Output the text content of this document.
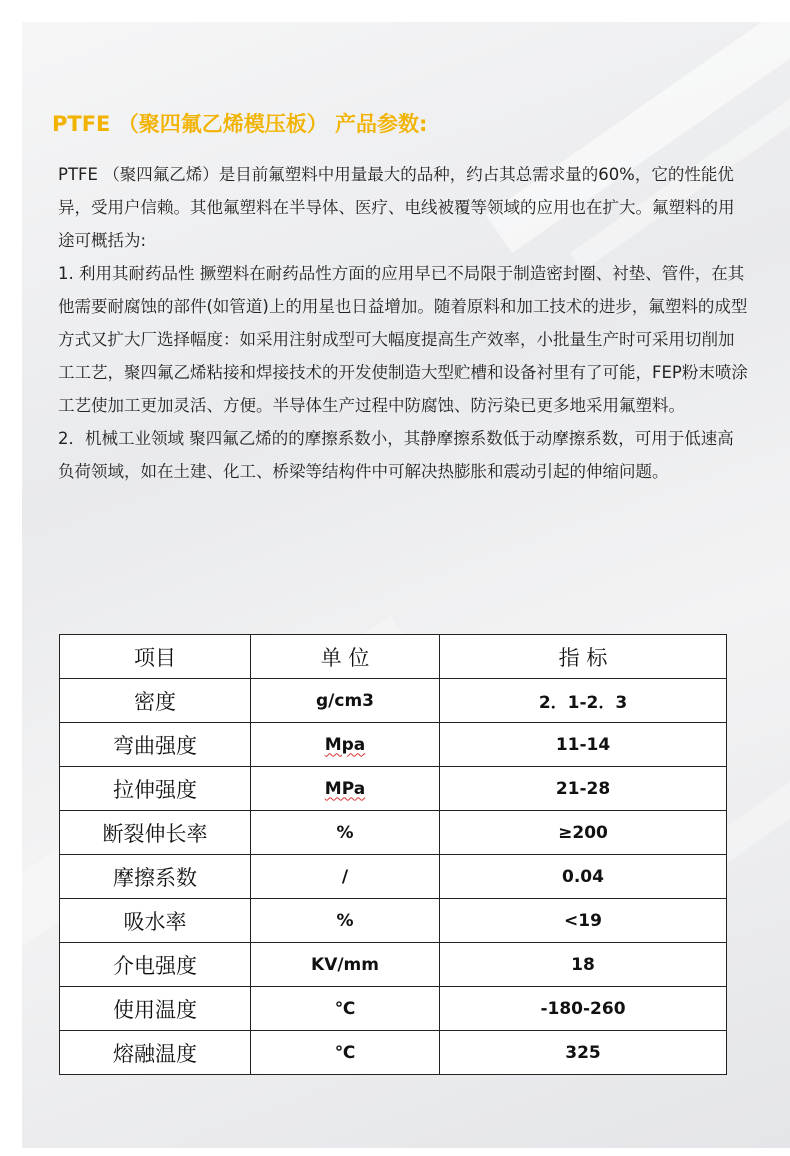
PTFE （聚四氟乙烯模压板） 产品参数:

PTFE （聚四氟乙烯）是目前氟塑料中用量最大的品种，约占其总需求量的60%，它的性能优异，受用户信赖。其他氟塑料在半导体、医疗、电线被覆等领域的应用也在扩大。氟塑料的用途可概括为:

1. 利用其耐药品性 撅塑料在耐药品性方面的应用早已不局限于制造密封圈、衬垫、管件，在其他需要耐腐蚀的部件(如管道)上的用星也日益增加。随着原料和加工技术的进步，氟塑料的成型方式又扩大厂选择幅度：如采用注射成型可大幅度提高生产效率，小批量生产时可采用切削加工工艺，聚四氟乙烯粘接和焊接技术的开发使制造大型贮槽和设备衬里有了可能，FEP粉末喷涂工艺使加工更加灵活、方便。半导体生产过程中防腐蚀、防污染已更多地采用氟塑料。

2．机械工业领域 聚四氟乙烯的的摩擦系数小，其静摩擦系数低于动摩擦系数，可用于低速高负荷领域，如在土建、化工、桥梁等结构件中可解决热膨胀和震动引起的伸缩问题。

项目	单 位	指 标
密度	g/cm3	2．1-2．3
弯曲强度	Mpa	11-14
拉伸强度	MPa	21-28
断裂伸长率	%	≥200
摩擦系数	/	0.04
吸水率	%	<19
介电强度	KV/mm	18
使用温度	℃	-180-260
熔融温度	℃	325
